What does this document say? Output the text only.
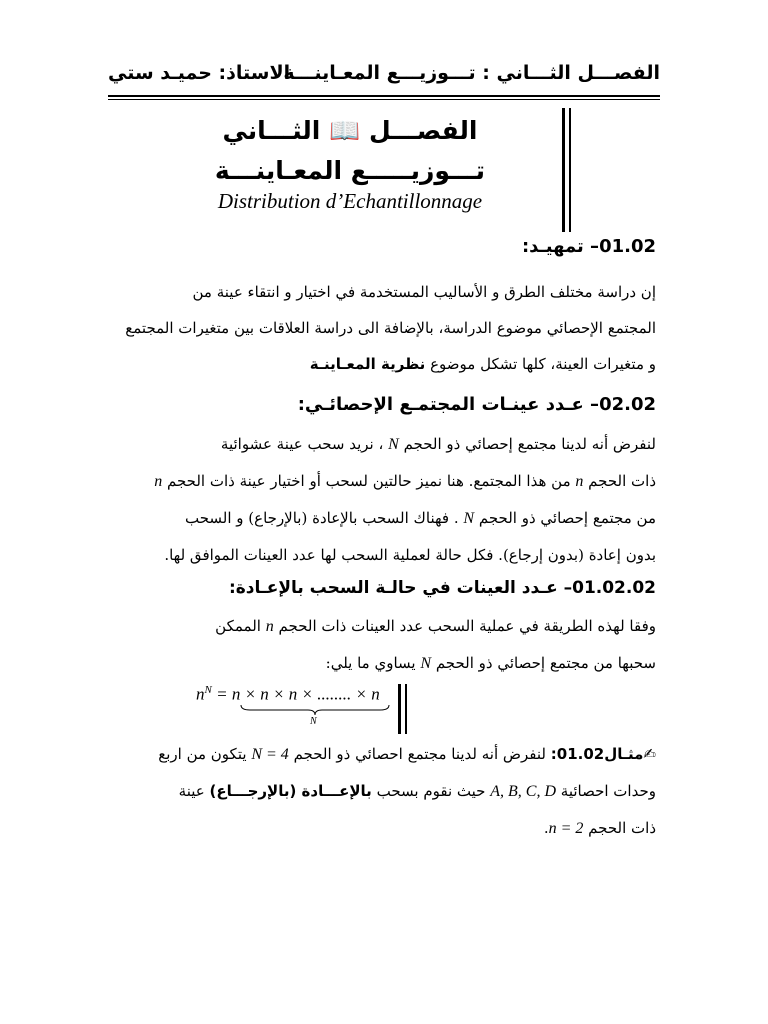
الفصـــل الثـــاني : تـــوزيـــع المعـاينـــة
الاستاذ: حميـد ستي
الفصـــل 📖 الثـــاني
تـــوزيـــــع المعـاينـــة
Distribution d’Echantillonnage
01.02– تمهيـد:
إن دراسة مختلف الطرق و الأساليب المستخدمة في اختيار و انتقاء عينة من
المجتمع الإحصائي موضوع الدراسة، بالإضافة الى دراسة العلاقات بين متغيرات المجتمع
و متغيرات العينة، كلها تشكل موضوع نظرية المعـاينـة
02.02– عـدد عينـات المجتمـع الإحصائـي:
لنفرض أنه لدينا مجتمع إحصائي ذو الحجم N ، نريد سحب عينة عشوائية
ذات الحجم n من هذا المجتمع. هنا نميز حالتين لسحب أو اختيار عينة ذات الحجم n
من مجتمع إحصائي ذو الحجم N . فهناك السحب بالإعادة (بالإرجاع) و السحب
بدون إعادة (بدون إرجاع). فكل حالة لعملية السحب لها عدد العينات الموافق لها.
01.02.02– عـدد العينات في حالـة السحب بالإعـادة:
وفقا لهذه الطريقة في عملية السحب عدد العينات ذات الحجم n الممكن
سحبها من مجتمع إحصائي ذو الحجم N يساوي ما يلي:
$n^N = n \times n \times n$ × ........ × n
N
✍مثـال01.02: لنفرض أنه لدينا مجتمع احصائي ذو الحجم N = 4 يتكون من اربع
وحدات احصائية A, B, C, D حيث نقوم بسحب بالإعـــادة (بالإرجـــاع) عينة
ذات الحجم n = 2.
